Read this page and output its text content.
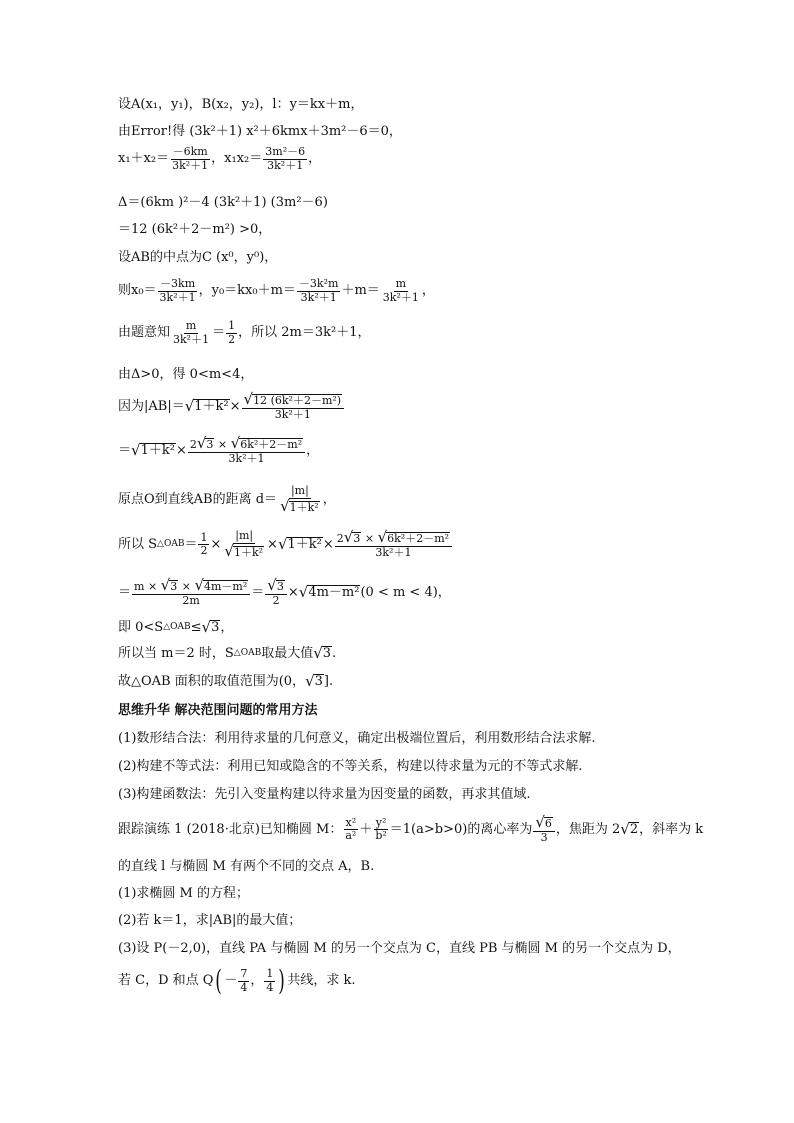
设A(x₁，y₁)，B(x₂，y₂)，l：y＝kx＋m，
由Error!得 (3k²＋1) x²＋6kmx＋3m²－6＝0，
$x_1+x_2= \frac{-6km}{\text{3k²＋1}}$ ，$x_1x_2= \frac{\text{3m²－6}}{\text{3k²＋1}}$ ，
Δ＝(6km )²－4 (3k²＋1) (3m²－6)
＝12 (6k²＋2－m²) >0，
设AB的中点为C (x⁰，y⁰)，
则$x_0= \frac{-3km}{\text{3k²＋1}}$ ，$y_0=kx_0+m= \frac{\text{－3k²m}}{\text{3k²＋1}} +m= \frac{m}{\text{3k²＋1}}$ ，
由题意知 $\frac{m}{\text{3k²＋1}} = \frac{1}{2}$ ，所以 2m＝3k²＋1，
由Δ>0，得 0<m<4，
因为|AB|＝ √ $1+k^2 \times \frac{\text{√ 12 (6k²＋2－m²)}}{\text{3k²＋1}}$
＝ √ $1+k^2 \times \frac{\text{2 √ 3 × √ 6k²＋2－m²}}{\text{3k²＋1}}$ ，
原点O到直线AB的距离 $d= \frac{|m|}{\text{√ 1＋k²}}$ ，
所以 S △OAB ＝ $\frac{1}{2} \times \frac{|m|}{\text{√ 1＋k²}}$ × √ $1+k^2 \times \frac{\text{2 √ 3 × √ 6k²＋2－m²}}{\text{3k²＋1}}$
＝ $\frac{\text{m × √ 3 × √ 4m－m²}}{2m} = \frac{√ 3}{2}$ × √ 4m－m² (0 < m < 4)，
即 0<S △OAB ≤ √ 3 ，
所以当 m＝2 时，S △OAB 取最大值 √ 3 .
故△OAB 面积的取值范围为(0， √ 3 ].
思维升华 解决范围问题的常用方法
(1)数形结合法：利用待求量的几何意义，确定出极端位置后，利用数形结合法求解.
(2)构建不等式法：利用已知或隐含的不等关系，构建以待求量为元的不等式求解.
(3)构建函数法：先引入变量构建以待求量为因变量的函数，再求其值域.
跟踪演练 1 (2018·北京)已知椭圆 M： $\frac{\text{x²}}{\text{a²}} + \frac{\text{y²}}{\text{b²}} =1(a>b>0)$的离心率为 $\frac{√ 6}{3}$ ，焦距为 2 √ 2 ，斜率为 k
的直线 l 与椭圆 M 有两个不同的交点 A，B.
(1)求椭圆 M 的方程；
(2)若 k＝1，求|AB|的最大值；
(3)设 P(－2,0)，直线 PA 与椭圆 M 的另一个交点为 C，直线 PB 与椭圆 M 的另一个交点为 D，
若 C，D 和点 Q ( － $\frac{7}{4}$ ， $\frac{1}{4}$ ) 共线，求 k.
